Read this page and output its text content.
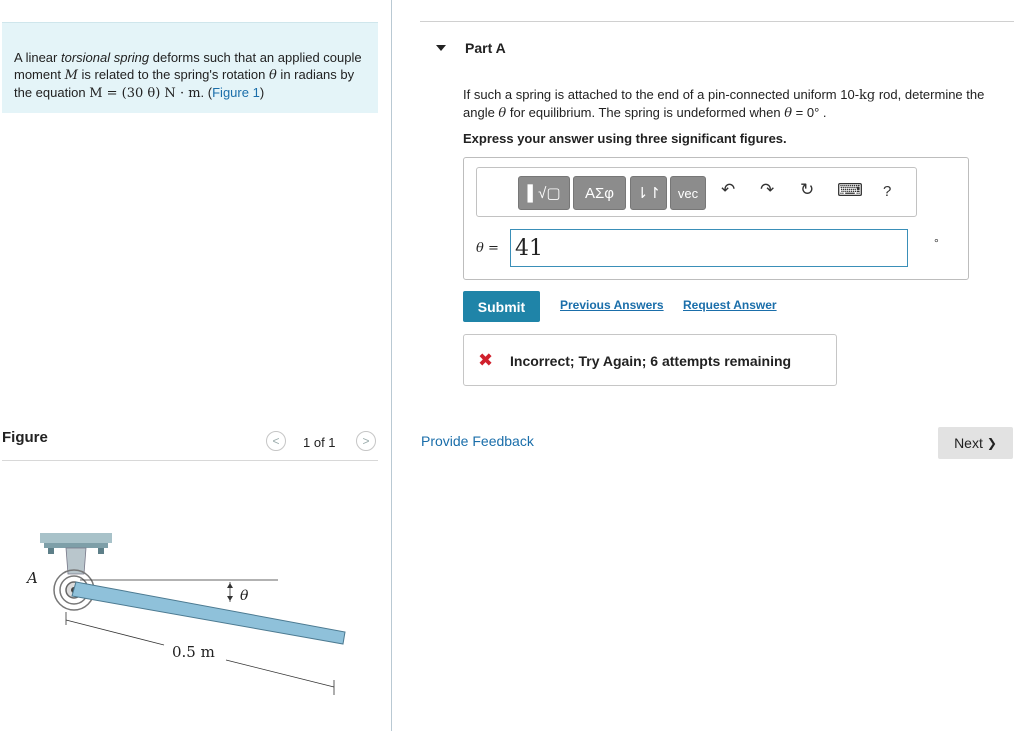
A linear torsional spring deforms such that an applied couple moment M is related to the spring's rotation θ in radians by the equation M = (30 θ) N · m. (Figure 1)
Figure	< 1 of 1 >
θ
A
0.5 m
Part A
If such a spring is attached to the end of a pin-connected uniform 10-kg rod, determine the angle θ for equilibrium. The spring is undeformed when θ = 0° .
Express your answer using three significant figures.
▌√▢ ΑΣφ ⇂↾ vec ↶ ↷ ↻ ⌨ ?
θ =
41	°
Submit	Previous Answers Request Answer
✖ Incorrect; Try Again; 6 attempts remaining
Provide Feedback	Next ❯
